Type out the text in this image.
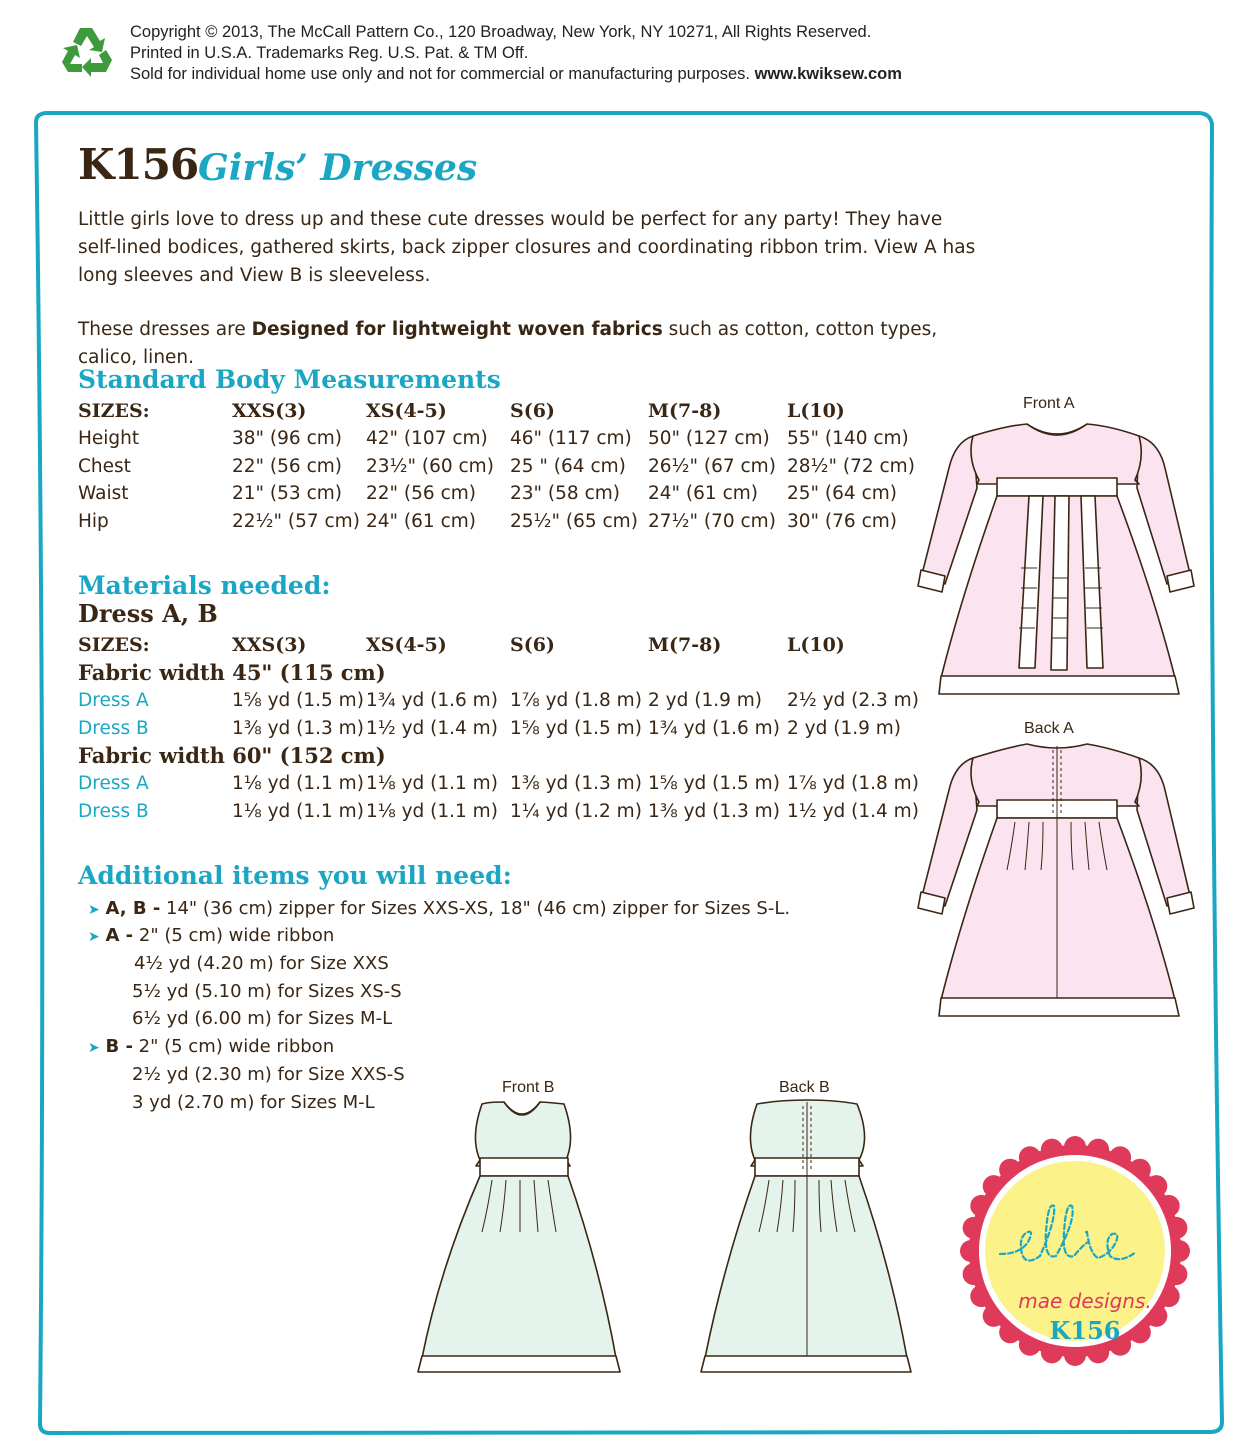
Copyright © 2013, The McCall Pattern Co., 120 Broadway, New York, NY 10271, All Rights Reserved.
Printed in U.S.A. Trademarks Reg. U.S. Pat. & TM Off.
Sold for individual home use only and not for commercial or manufacturing purposes. www.kwiksew.com
K156 Girls’ Dresses
Little girls love to dress up and these cute dresses would be perfect for any party! They have self-lined bodices, gathered skirts, back zipper closures and coordinating ribbon trim. View A has long sleeves and View B is sleeveless.
These dresses are Designed for lightweight woven fabrics such as cotton, cotton types, calico, linen.
Standard Body Measurements
SIZES:	XXS(3)	XS(4-5)	S(6)	M(7-8)	L(10)
Height	38" (96 cm) 42" (107 cm) 46" (117 cm) 50" (127 cm) 55" (140 cm)
Chest	22" (56 cm) 23½" (60 cm) 25 " (64 cm) 26½" (67 cm) 28½" (72 cm)
Waist	21" (53 cm) 22" (56 cm) 23" (58 cm) 24" (61 cm) 25" (64 cm)
Hip	22½" (57 cm) 24" (61 cm) 25½" (65 cm) 27½" (70 cm) 30" (76 cm)
Materials needed:
Dress A, B
SIZES:	XXS(3)	XS(4-5)	S(6)	M(7-8)	L(10)
Fabric width 45" (115 cm)
Dress A	1⅝ yd (1.5 m) 1¾ yd (1.6 m) 1⅞ yd (1.8 m) 2 yd (1.9 m) 2½ yd (2.3 m)
Dress B	1⅜ yd (1.3 m) 1½ yd (1.4 m) 1⅝ yd (1.5 m) 1¾ yd (1.6 m) 2 yd (1.9 m)
Fabric width 60" (152 cm)
Dress A	1⅛ yd (1.1 m) 1⅛ yd (1.1 m) 1⅜ yd (1.3 m) 1⅝ yd (1.5 m) 1⅞ yd (1.8 m)
Dress B	1⅛ yd (1.1 m) 1⅛ yd (1.1 m) 1¼ yd (1.2 m) 1⅜ yd (1.3 m) 1½ yd (1.4 m)
Additional items you will need:
➤ A, B - 14" (36 cm) zipper for Sizes XXS-XS, 18" (46 cm) zipper for Sizes S-L.
➤ A - 2" (5 cm) wide ribbon
4½ yd (4.20 m) for Size XXS
5½ yd (5.10 m) for Sizes XS-S
6½ yd (6.00 m) for Sizes M-L
➤ B - 2" (5 cm) wide ribbon
2½ yd (2.30 m) for Size XXS-S
3 yd (2.70 m) for Sizes M-L
Front A
Back A
Front B	Back B
mae designs.
K156
